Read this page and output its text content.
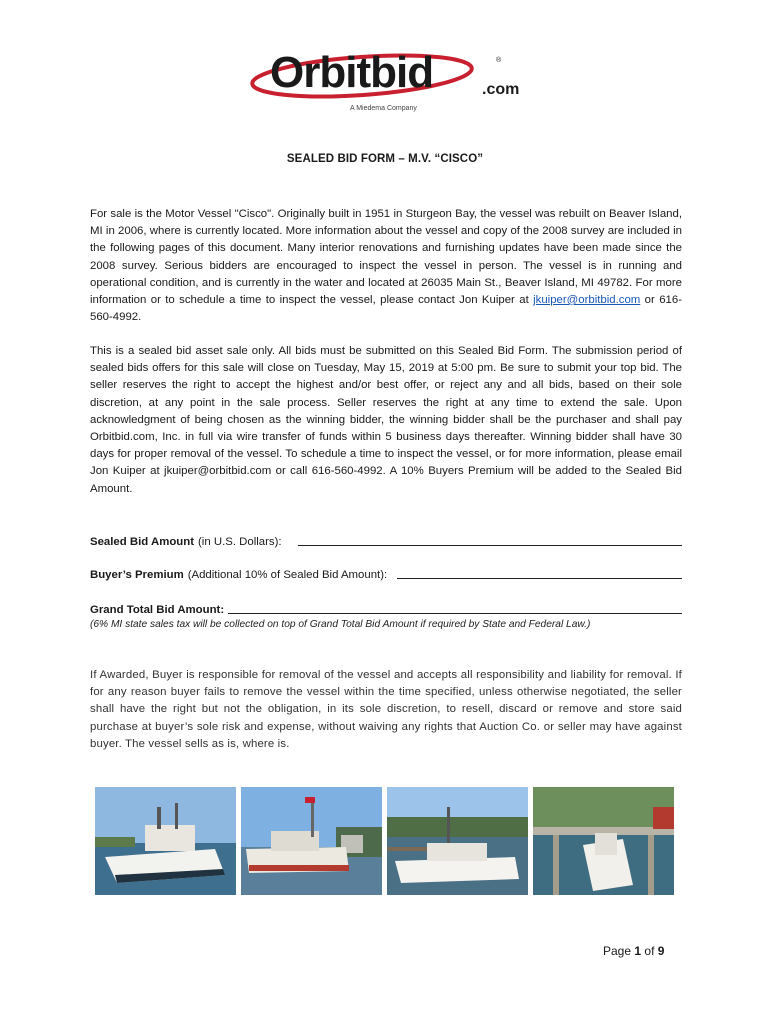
Orbitbid	®
.com
A Miedema Company
SEALED BID FORM – M.V. “CISCO”

For sale is the Motor Vessel "Cisco". Originally built in 1951 in Sturgeon Bay, the vessel was rebuilt on Beaver Island, MI in 2006, where is currently located. More information about the vessel and copy of the 2008 survey are included in the following pages of this document. Many interior renovations and furnishing updates have been made since the 2008 survey. Serious bidders are encouraged to inspect the vessel in person. The vessel is in running and operational condition, and is currently in the water and located at 26035 Main St., Beaver Island, MI 49782. For more information or to schedule a time to inspect the vessel, please contact Jon Kuiper at jkuiper@orbitbid.com or 616-560-4992.

This is a sealed bid asset sale only. All bids must be submitted on this Sealed Bid Form. The submission period of sealed bids offers for this sale will close on Tuesday, May 15, 2019 at 5:00 pm. Be sure to submit your top bid. The seller reserves the right to accept the highest and/or best offer, or reject any and all bids, based on their sole discretion, at any point in the sale process. Seller reserves the right at any time to extend the sale. Upon acknowledgment of being chosen as the winning bidder, the winning bidder shall be the purchaser and shall pay Orbitbid.com, Inc. in full via wire transfer of funds within 5 business days thereafter. Winning bidder shall have 30 days for proper removal of the vessel. To schedule a time to inspect the vessel, or for more information, please email Jon Kuiper at jkuiper@orbitbid.com or call 616-560-4992. A 10% Buyers Premium will be added to the Sealed Bid Amount.

Sealed Bid Amount (in U.S. Dollars):
Buyer’s Premium (Additional 10% of Sealed Bid Amount):
Grand Total Bid Amount:
(6% MI state sales tax will be collected on top of Grand Total Bid Amount if required by State and Federal Law.)

If Awarded, Buyer is responsible for removal of the vessel and accepts all responsibility and liability for removal. If for any reason buyer fails to remove the vessel within the time specified, unless otherwise negotiated, the seller shall have the right but not the obligation, in its sole discretion, to resell, discard or remove and store said purchase at buyer’s sole risk and expense, without waiving any rights that Auction Co. or seller may have against buyer. The vessel sells as is, where is.

Page 1 of 9
